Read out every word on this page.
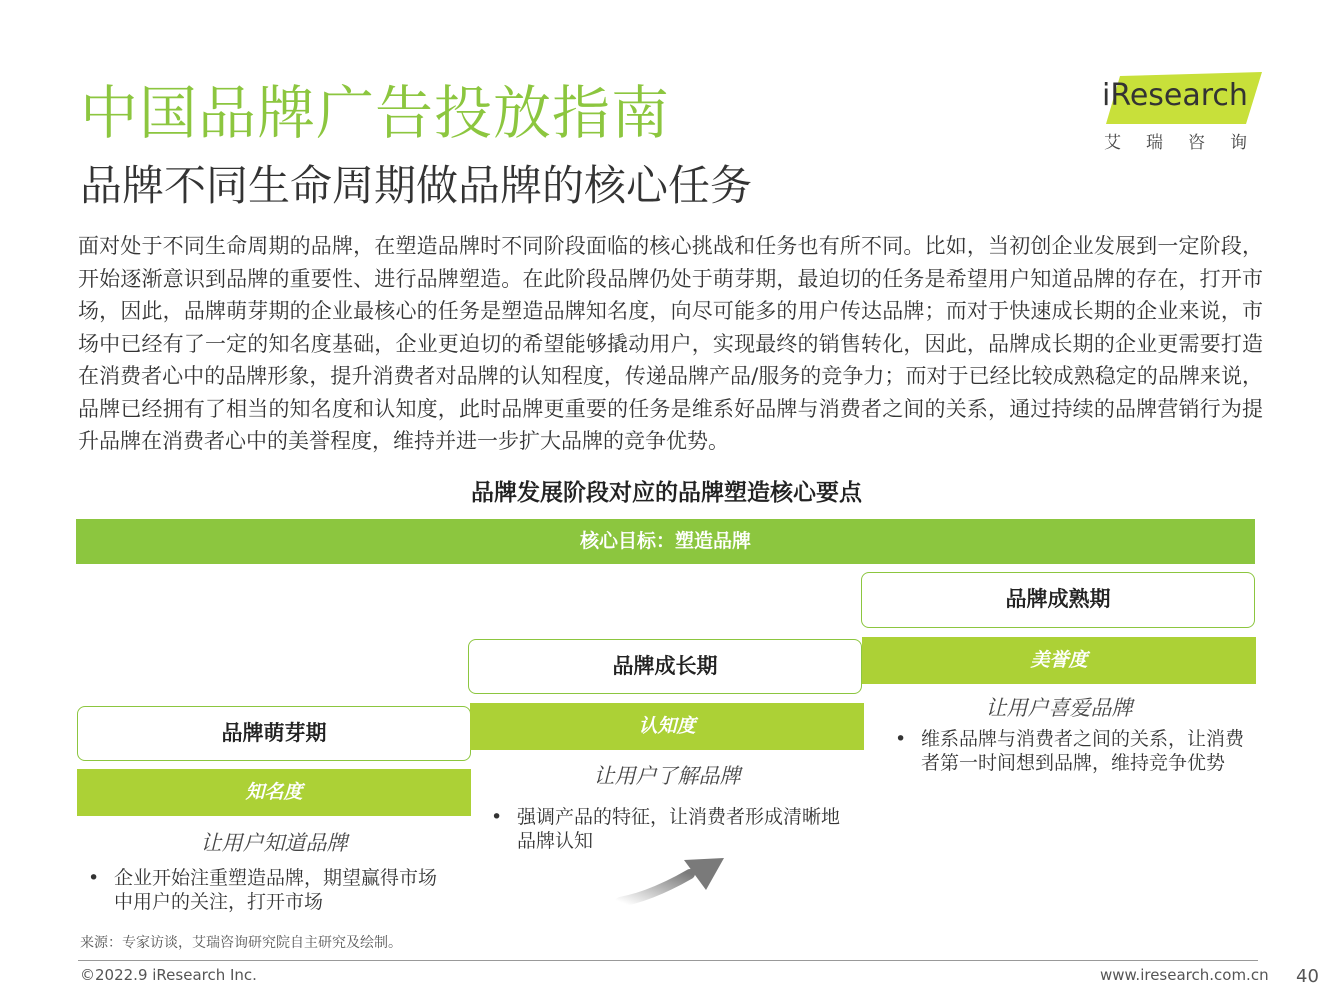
中国品牌广告投放指南
品牌不同生命周期做品牌的核心任务
iResearch
艾瑞咨询
面对处于不同生命周期的品牌，在塑造品牌时不同阶段面临的核心挑战和任务也有所不同。比如，当初创企业发展到一定阶段，开始逐渐意识到品牌的重要性、进行品牌塑造。在此阶段品牌仍处于萌芽期，最迫切的任务是希望用户知道品牌的存在，打开市场，因此，品牌萌芽期的企业最核心的任务是塑造品牌知名度，向尽可能多的用户传达品牌；而对于快速成长期的企业来说，市场中已经有了一定的知名度基础，企业更迫切的希望能够撬动用户，实现最终的销售转化，因此，品牌成长期的企业更需要打造在消费者心中的品牌形象，提升消费者对品牌的认知程度，传递品牌产品/服务的竞争力；而对于已经比较成熟稳定的品牌来说，品牌已经拥有了相当的知名度和认知度，此时品牌更重要的任务是维系好品牌与消费者之间的关系，通过持续的品牌营销行为提升品牌在消费者心中的美誉程度，维持并进一步扩大品牌的竞争优势。
品牌发展阶段对应的品牌塑造核心要点
核心目标：塑造品牌
品牌萌芽期
知名度
让用户知道品牌
• 企业开始注重塑造品牌，期望赢得市场
中用户的关注，打开市场
品牌成长期
认知度
让用户了解品牌
• 强调产品的特征，让消费者形成清晰地
品牌认知
品牌成熟期
美誉度
让用户喜爱品牌
• 维系品牌与消费者之间的关系，让消费
者第一时间想到品牌，维持竞争优势
来源：专家访谈，艾瑞咨询研究院自主研究及绘制。
©2022.9 iResearch Inc.	www.iresearch.com.cn 40
